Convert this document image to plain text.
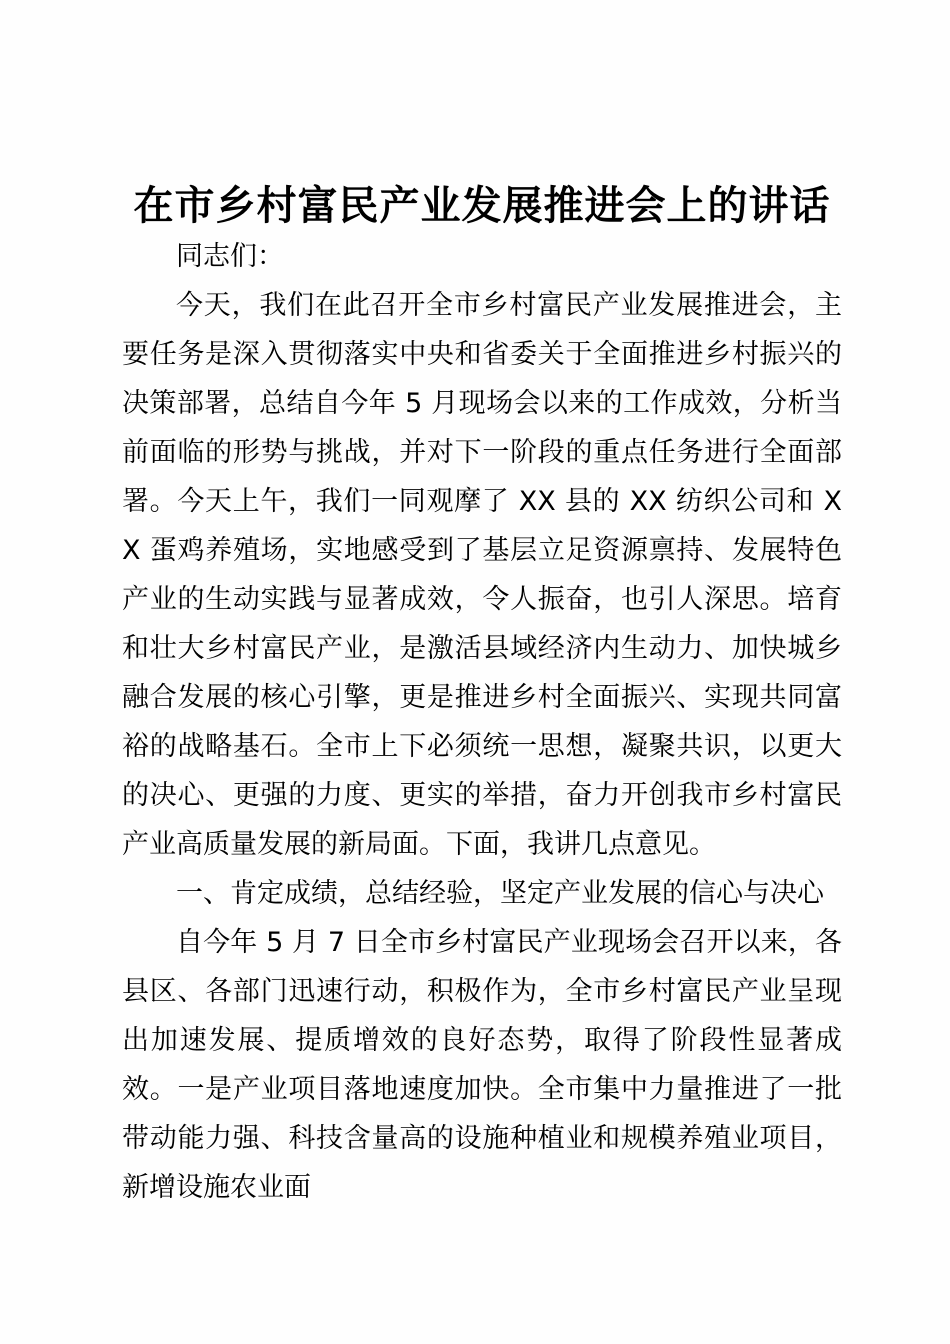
在市乡村富民产业发展推进会上的讲话

同志们：

今天，我们在此召开全市乡村富民产业发展推进会，主要任务是深入贯彻落实中央和省委关于全面推进乡村振兴的决策部署，总结自今年 5 月现场会以来的工作成效，分析当前面临的形势与挑战，并对下一阶段的重点任务进行全面部署。今天上午，我们一同观摩了 XX 县的 XX 纺织公司和 XX 蛋鸡养殖场，实地感受到了基层立足资源禀持、发展特色产业的生动实践与显著成效，令人振奋，也引人深思。培育和壮大乡村富民产业，是激活县域经济内生动力、加快城乡融合发展的核心引擎，更是推进乡村全面振兴、实现共同富裕的战略基石。全市上下必须统一思想，凝聚共识，以更大的决心、更强的力度、更实的举措，奋力开创我市乡村富民产业高质量发展的新局面。下面，我讲几点意见。

一、肯定成绩，总结经验，坚定产业发展的信心与决心

自今年 5 月 7 日全市乡村富民产业现场会召开以来，各县区、各部门迅速行动，积极作为，全市乡村富民产业呈现出加速发展、提质增效的良好态势，取得了阶段性显著成效。一是产业项目落地速度加快。全市集中力量推进了一批带动能力强、科技含量高的设施种植业和规模养殖业项目，新增设施农业面
